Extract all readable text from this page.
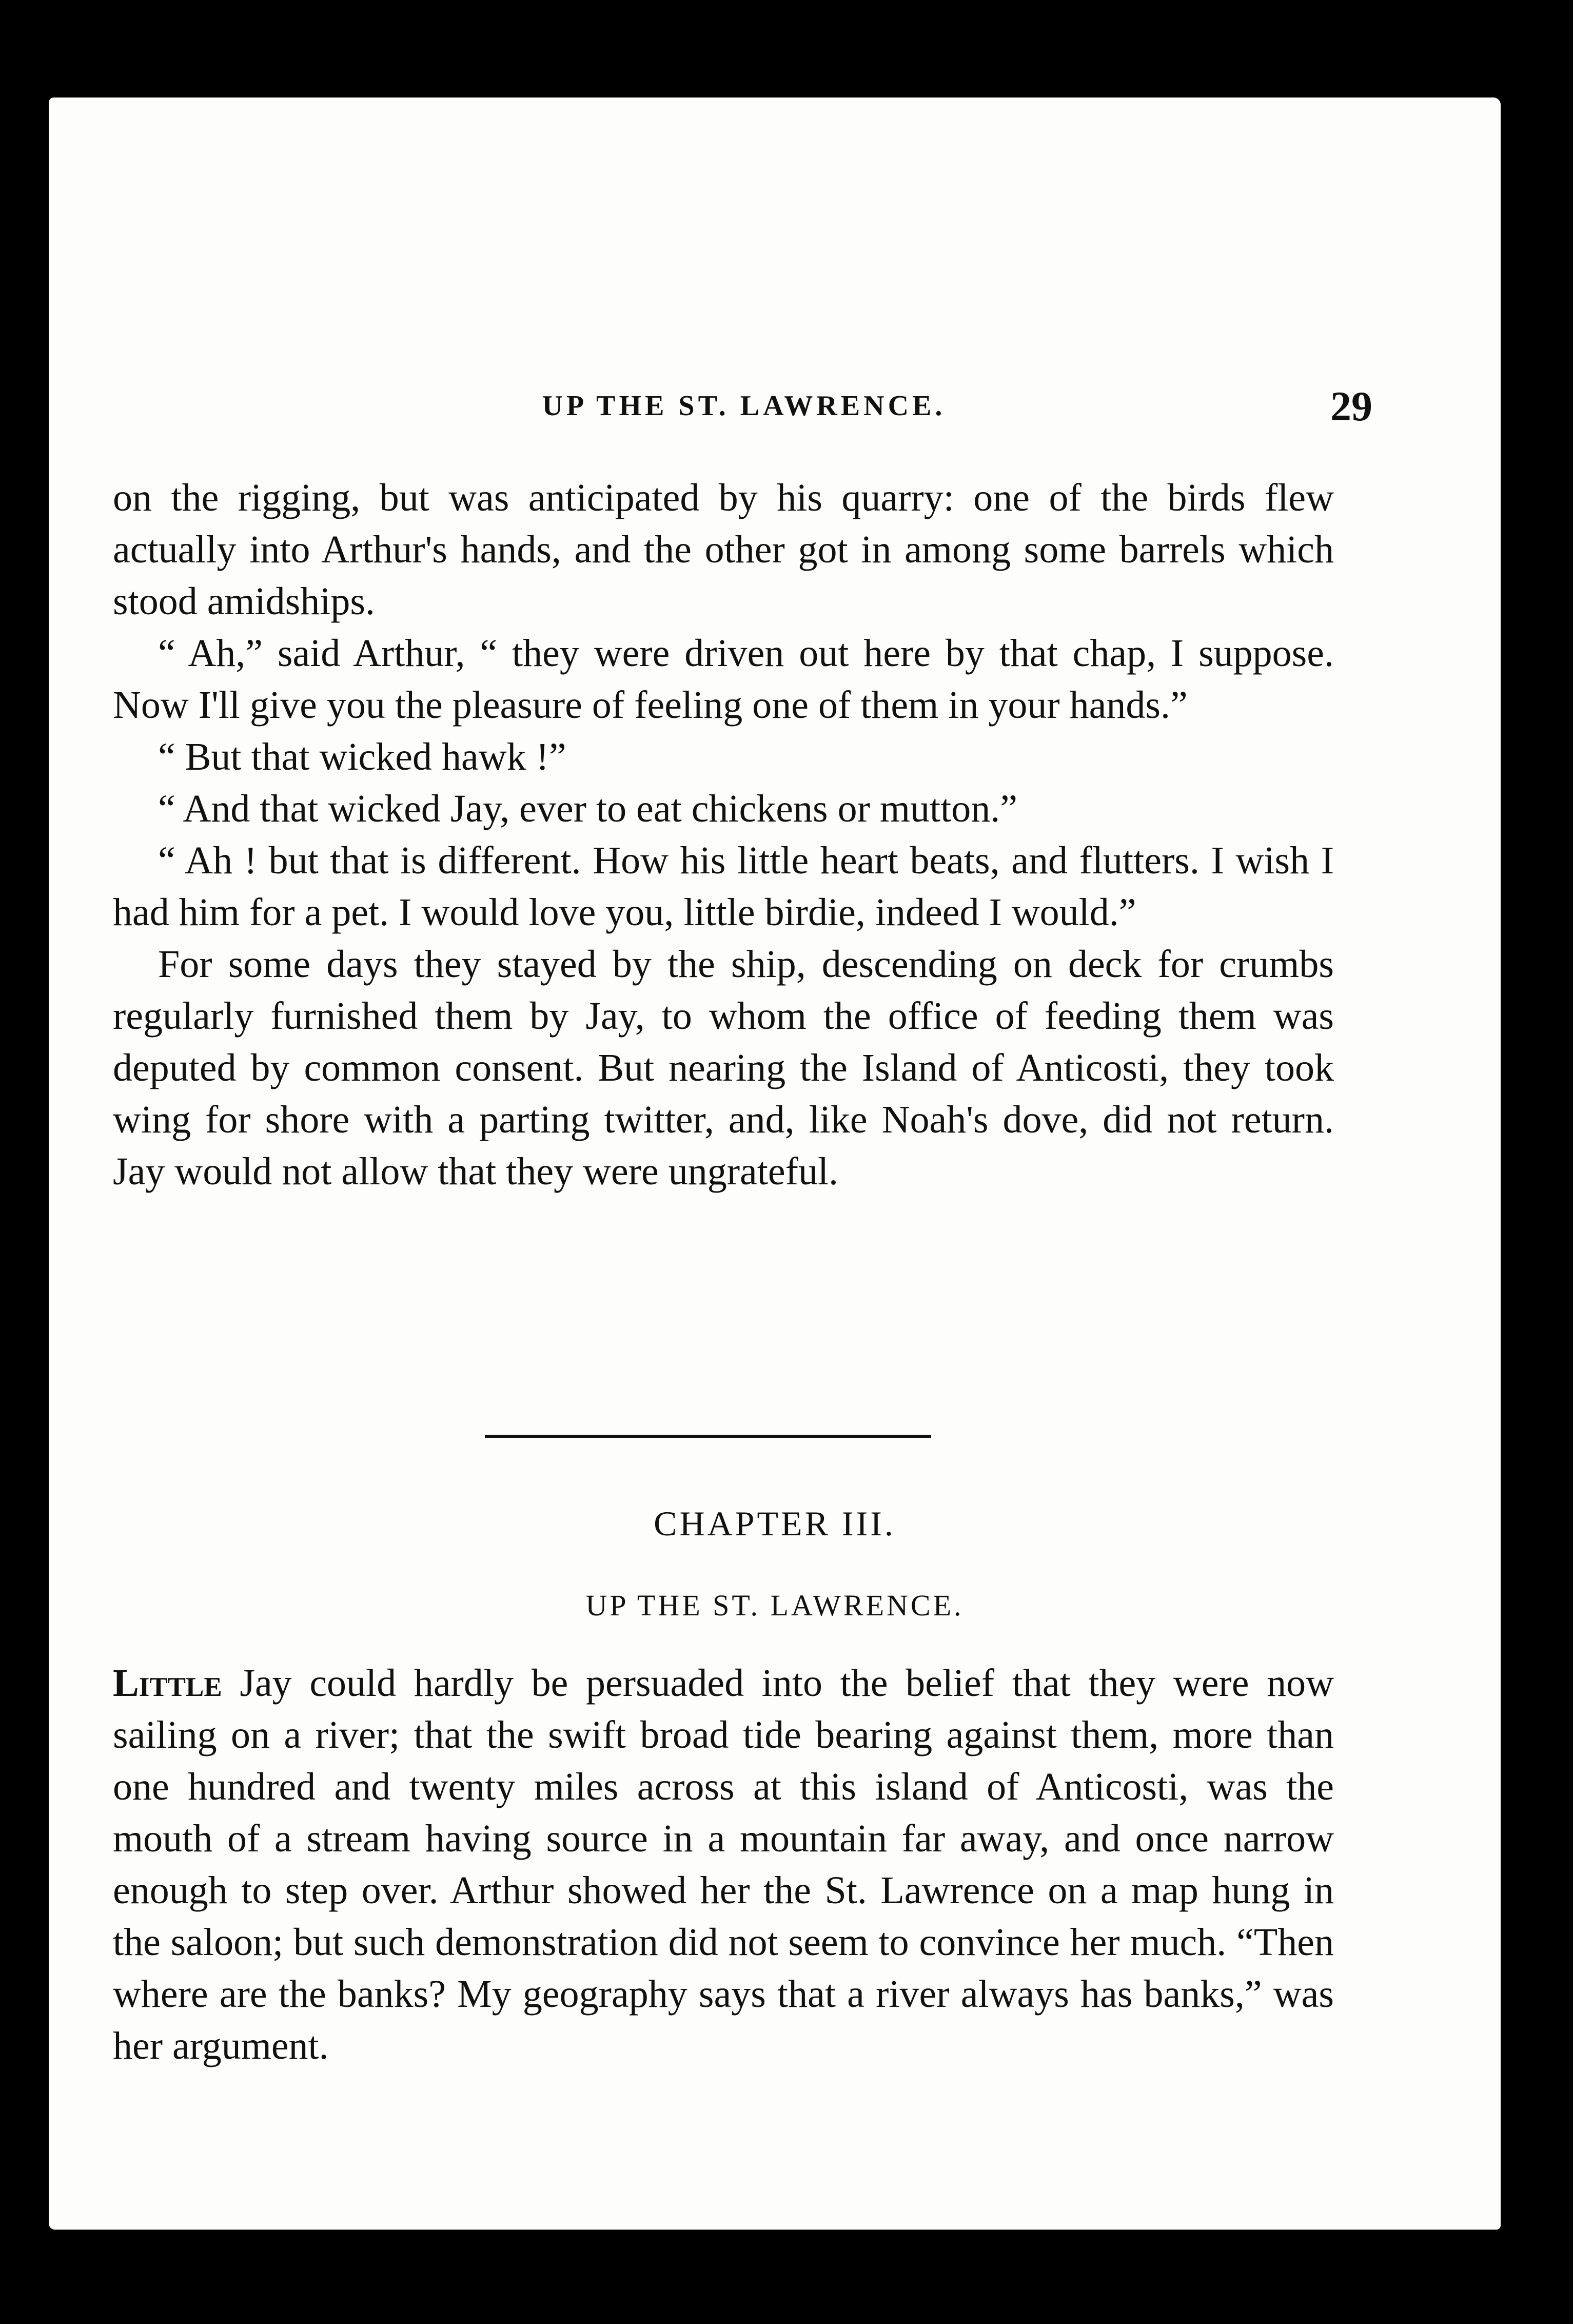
UP THE ST. LAWRENCE.	29

on the rigging, but was anticipated by his quarry: one of the birds flew actually into Arthur's hands, and the other got in among some barrels which stood amidships.

“ Ah,” said Arthur, “ they were driven out here by that chap, I suppose. Now I'll give you the pleasure of feeling one of them in your hands.”

“ But that wicked hawk !”

“ And that wicked Jay, ever to eat chickens or mutton.”

“ Ah ! but that is different. How his little heart beats, and flutters. I wish I had him for a pet. I would love you, little birdie, indeed I would.”

For some days they stayed by the ship, descending on deck for crumbs regularly furnished them by Jay, to whom the office of feeding them was deputed by common consent. But nearing the Island of Anticosti, they took wing for shore with a parting twitter, and, like Noah's dove, did not return. Jay would not allow that they were ungrateful.

CHAPTER III.
UP THE ST. LAWRENCE.

Little Jay could hardly be persuaded into the belief that they were now sailing on a river; that the swift broad tide bearing against them, more than one hundred and twenty miles across at this island of Anticosti, was the mouth of a stream having source in a mountain far away, and once narrow enough to step over. Arthur showed her the St. Lawrence on a map hung in the saloon; but such demonstration did not seem to convince her much. “Then where are the banks? My geography says that a river always has banks,” was her argument.
